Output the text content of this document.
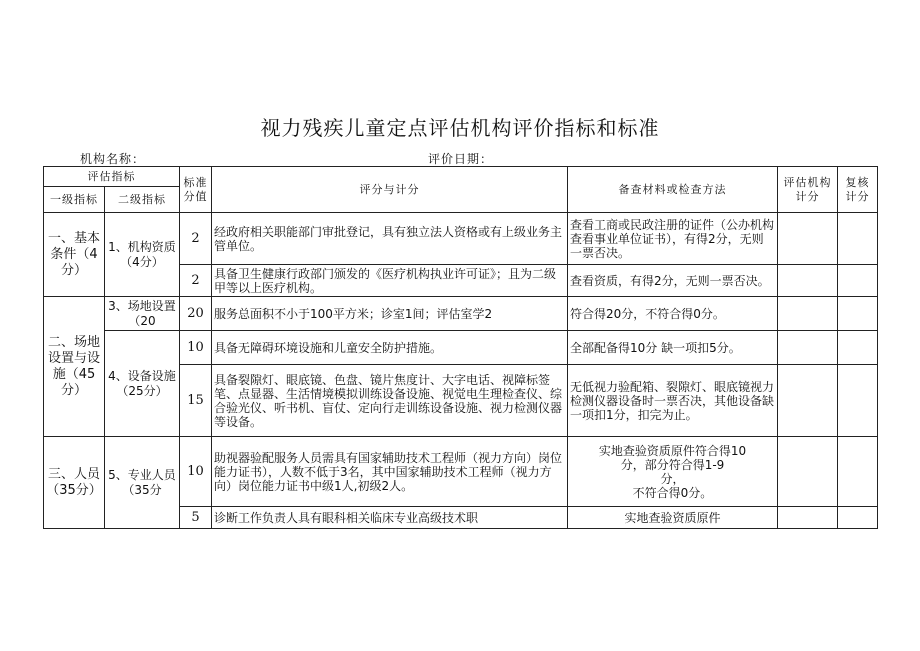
视力残疾儿童定点评估机构评价指标和标准
机构名称：	评价日期：
评估指标		标准分值	评分与计分	备查材料或检查方法	评估机构计分	复核计分
一级指标	二级指标					
一、基本条件（4分）	1、机构资质（4分）	2	经政府相关职能部门审批登记，具有独立法人资格或有上级业务主管单位。	查看工商或民政注册的证件（公办机构查看事业单位证书），有得2分，无则一票否决。		
		2	具备卫生健康行政部门颁发的《医疗机构执业许可证》；且为二级甲等以上医疗机构。	查看资质，有得2分，无则一票否决。		
二、场地设置与设施（45分）	3、场地设置（20	20	服务总面积不小于100平方米；诊室1间；评估室学2	符合得20分，不符合得0分。		
	4、设备设施（25分）	10	具备无障碍环境设施和儿童安全防护措施。	全部配备得10分 缺一项扣5分。		
		15	具备裂隙灯、眼底镜、色盘、镜片焦度计、大字电话、视障标签笔、点显器、生活情境模拟训练设备设施、视觉电生理检查仪、综合验光仪、听书机、盲仗、定向行走训练设备设施、视力检测仪器等设备。	无低视力验配箱、裂隙灯、眼底镜视力检测仪器设备时一票否决，其他设备缺一项扣1分，扣完为止。		
三、人员（35分）	5、专业人员（35分	10	助视器验配服务人员需具有国家辅助技术工程师（视力方向）岗位能力证书），人数不低于3名，其中国家辅助技术工程师（视力方向）岗位能力证书中级1人,初级2人。	实地查验资质原件符合得10
分，部分符合得1-9
分，
不符合得0分。		

		5	诊断工作负责人具有眼科相关临床专业高级技术职	实地查验资质原件		
